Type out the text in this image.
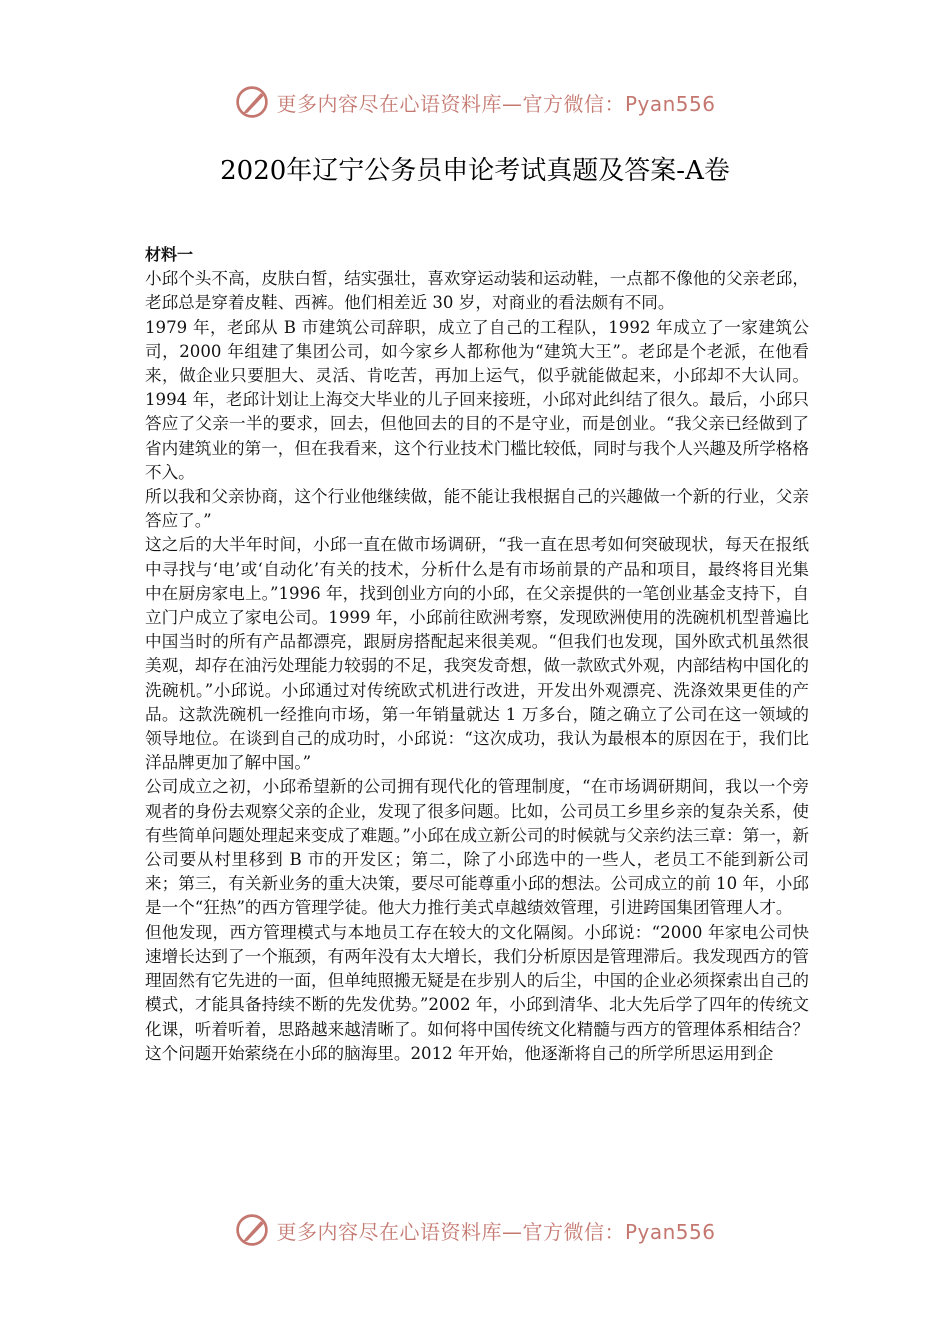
更多内容尽在心语资料库—官方微信：Pyan556
2020年辽宁公务员申论考试真题及答案-A卷
材料一

小邱个头不高，皮肤白皙，结实强壮，喜欢穿运动装和运动鞋，一点都不像他的父亲老邱，老邱总是穿着皮鞋、西裤。他们相差近 30 岁，对商业的看法颇有不同。

1979 年，老邱从 B 市建筑公司辞职，成立了自己的工程队，1992 年成立了一家建筑公司，2000 年组建了集团公司，如今家乡人都称他为“建筑大王”。老邱是个老派，在他看来，做企业只要胆大、灵活、肯吃苦，再加上运气，似乎就能做起来，小邱却不大认同。1994 年，老邱计划让上海交大毕业的儿子回来接班，小邱对此纠结了很久。最后，小邱只答应了父亲一半的要求，回去，但他回去的目的不是守业，而是创业。“我父亲已经做到了省内建筑业的第一，但在我看来，这个行业技术门槛比较低，同时与我个人兴趣及所学格格不入。

所以我和父亲协商，这个行业他继续做，能不能让我根据自己的兴趣做一个新的行业，父亲答应了。”

这之后的大半年时间，小邱一直在做市场调研，“我一直在思考如何突破现状，每天在报纸中寻找与‘电’或‘自动化’有关的技术，分析什么是有市场前景的产品和项目，最终将目光集中在厨房家电上。”1996 年，找到创业方向的小邱，在父亲提供的一笔创业基金支持下，自立门户成立了家电公司。1999 年，小邱前往欧洲考察，发现欧洲使用的洗碗机机型普遍比中国当时的所有产品都漂亮，跟厨房搭配起来很美观。“但我们也发现，国外欧式机虽然很美观，却存在油污处理能力较弱的不足，我突发奇想，做一款欧式外观，内部结构中国化的洗碗机。”小邱说。小邱通过对传统欧式机进行改进，开发出外观漂亮、洗涤效果更佳的产品。这款洗碗机一经推向市场，第一年销量就达 1 万多台，随之确立了公司在这一领域的领导地位。在谈到自己的成功时，小邱说：“这次成功，我认为最根本的原因在于，我们比洋品牌更加了解中国。”

公司成立之初，小邱希望新的公司拥有现代化的管理制度，“在市场调研期间，我以一个旁观者的身份去观察父亲的企业，发现了很多问题。比如，公司员工乡里乡亲的复杂关系，使有些简单问题处理起来变成了难题。”小邱在成立新公司的时候就与父亲约法三章：第一，新公司要从村里移到 B 市的开发区；第二，除了小邱选中的一些人，老员工不能到新公司来；第三，有关新业务的重大决策，要尽可能尊重小邱的想法。公司成立的前 10 年，小邱是一个“狂热”的西方管理学徒。他大力推行美式卓越绩效管理，引进跨国集团管理人才。

但他发现，西方管理模式与本地员工存在较大的文化隔阂。小邱说：“2000 年家电公司快速增长达到了一个瓶颈，有两年没有太大增长，我们分析原因是管理滞后。我发现西方的管理固然有它先进的一面，但单纯照搬无疑是在步别人的后尘，中国的企业必须探索出自己的模式，才能具备持续不断的先发优势。”2002 年，小邱到清华、北大先后学了四年的传统文化课，听着听着，思路越来越清晰了。如何将中国传统文化精髓与西方的管理体系相结合？这个问题开始萦绕在小邱的脑海里。2012 年开始，他逐渐将自己的所学所思运用到企

更多内容尽在心语资料库—官方微信：Pyan556
